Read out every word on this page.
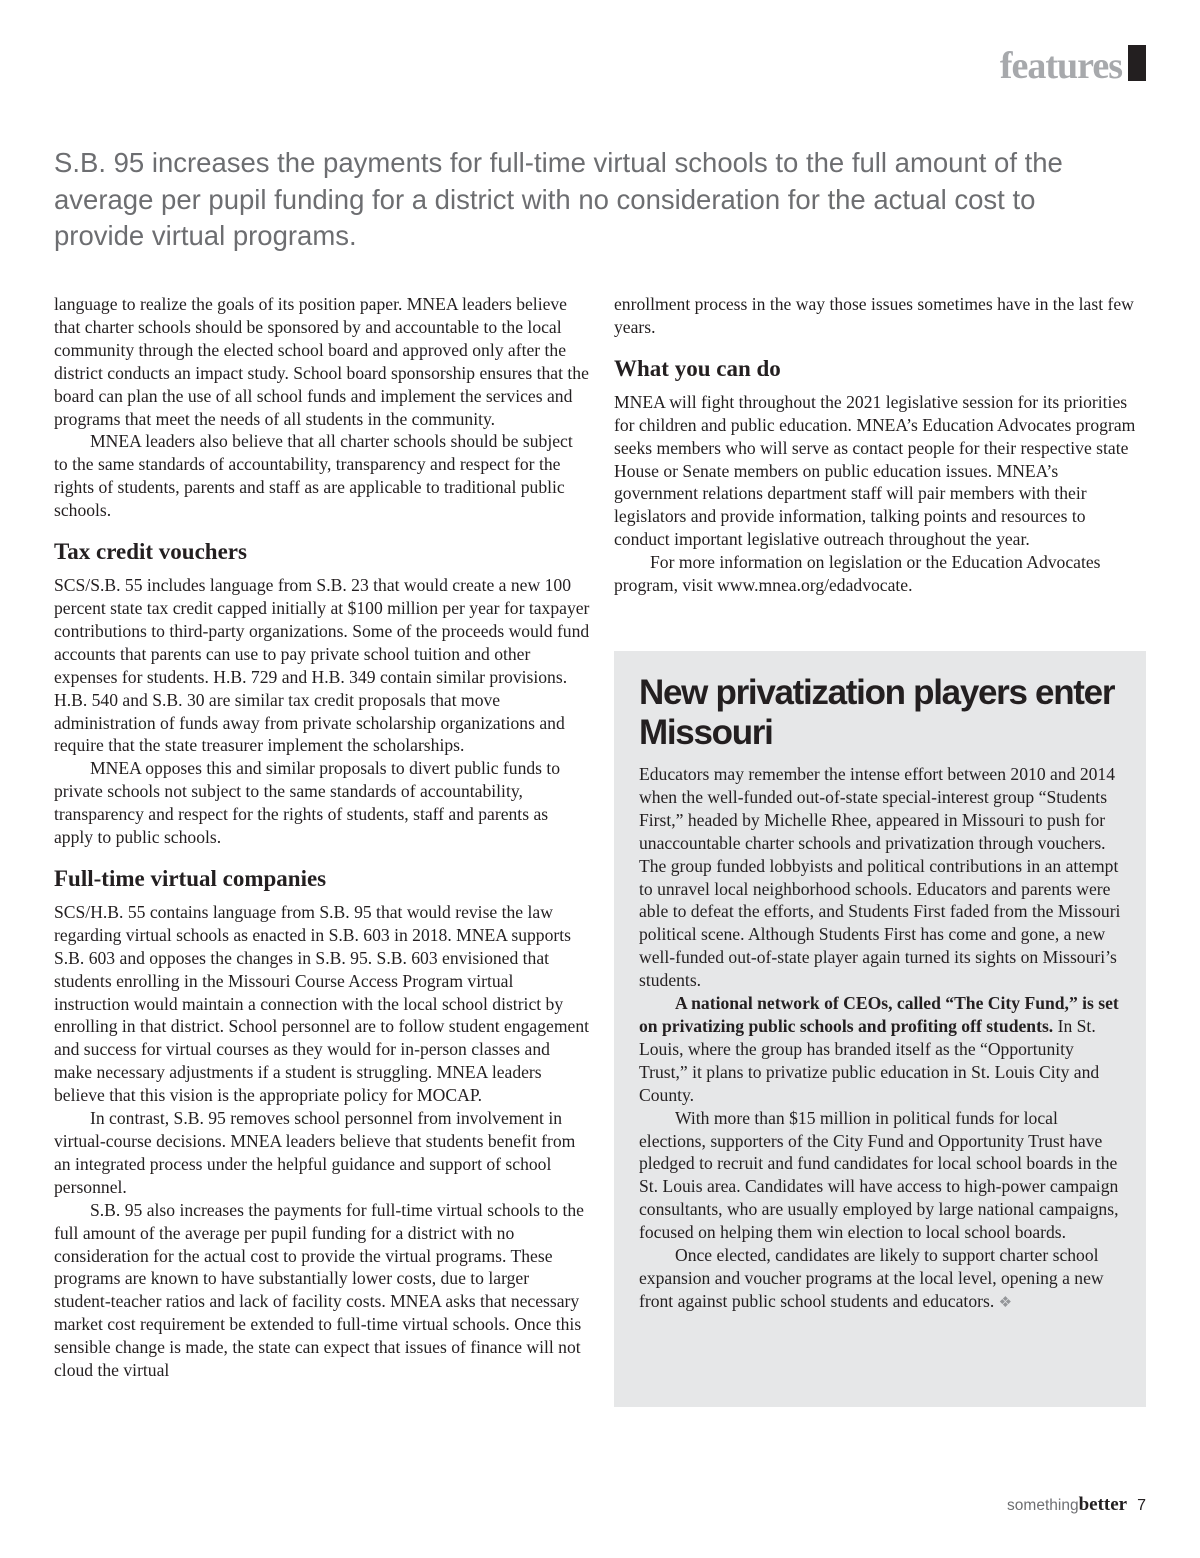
features
S.B. 95 increases the payments for full-time virtual schools to the full amount of the average per pupil funding for a district with no consideration for the actual cost to provide virtual programs.

language to realize the goals of its position paper. MNEA leaders believe that charter schools should be sponsored by and accountable to the local community through the elected school board and approved only after the district conducts an impact study. School board sponsorship ensures that the board can plan the use of all school funds and implement the services and programs that meet the needs of all students in the community.

MNEA leaders also believe that all charter schools should be subject to the same standards of accountability, transparency and respect for the rights of students, parents and staff as are applicable to traditional public schools.

Tax credit vouchers

SCS/S.B. 55 includes language from S.B. 23 that would create a new 100 percent state tax credit capped initially at $100 million per year for taxpayer contributions to third-party organizations. Some of the proceeds would fund accounts that parents can use to pay private school tuition and other expenses for students. H.B. 729 and H.B. 349 contain similar provisions. H.B. 540 and S.B. 30 are similar tax credit proposals that move administration of funds away from private scholarship organizations and require that the state treasurer implement the scholarships.

MNEA opposes this and similar proposals to divert public funds to private schools not subject to the same standards of accountability, transparency and respect for the rights of students, staff and parents as apply to public schools.

Full-time virtual companies

SCS/H.B. 55 contains language from S.B. 95 that would revise the law regarding virtual schools as enacted in S.B. 603 in 2018. MNEA supports S.B. 603 and opposes the changes in S.B. 95. S.B. 603 envisioned that students enrolling in the Missouri Course Access Program virtual instruction would maintain a connection with the local school district by enrolling in that district. School personnel are to follow student engagement and success for virtual courses as they would for in-person classes and make necessary adjustments if a student is struggling. MNEA leaders believe that this vision is the appropriate policy for MOCAP.

In contrast, S.B. 95 removes school personnel from involvement in virtual-course decisions. MNEA leaders believe that students benefit from an integrated process under the helpful guidance and support of school personnel.

S.B. 95 also increases the payments for full-time virtual schools to the full amount of the average per pupil funding for a district with no consideration for the actual cost to provide the virtual programs. These programs are known to have substantially lower costs, due to larger student-teacher ratios and lack of facility costs. MNEA asks that necessary market cost requirement be extended to full-time virtual schools. Once this sensible change is made, the state can expect that issues of finance will not cloud the virtual

enrollment process in the way those issues sometimes have in the last few years.

What you can do

MNEA will fight throughout the 2021 legislative session for its priorities for children and public education. MNEA’s Education Advocates program seeks members who will serve as contact people for their respective state House or Senate members on public education issues. MNEA’s government relations department staff will pair members with their legislators and provide information, talking points and resources to conduct important legislative outreach throughout the year.

For more information on legislation or the Education Advocates program, visit www.mnea.org/edadvocate.

New privatization players enter Missouri

Educators may remember the intense effort between 2010 and 2014 when the well-funded out-of-state special-interest group “Students First,” headed by Michelle Rhee, appeared in Missouri to push for unaccountable charter schools and privatization through vouchers. The group funded lobbyists and political contributions in an attempt to unravel local neighborhood schools. Educators and parents were able to defeat the efforts, and Students First faded from the Missouri political scene. Although Students First has come and gone, a new well-funded out-of-state player again turned its sights on Missouri’s students.

A national network of CEOs, called “The City Fund,” is set on privatizing public schools and profiting off students. In St. Louis, where the group has branded itself as the “Opportunity Trust,” it plans to privatize public education in St. Louis City and County.

With more than $15 million in political funds for local elections, supporters of the City Fund and Opportunity Trust have pledged to recruit and fund candidates for local school boards in the St. Louis area. Candidates will have access to high-power campaign consultants, who are usually employed by large national campaigns, focused on helping them win election to local school boards.

Once elected, candidates are likely to support charter school expansion and voucher programs at the local level, opening a new front against public school students and educators. ❖

somethingbetter 7
